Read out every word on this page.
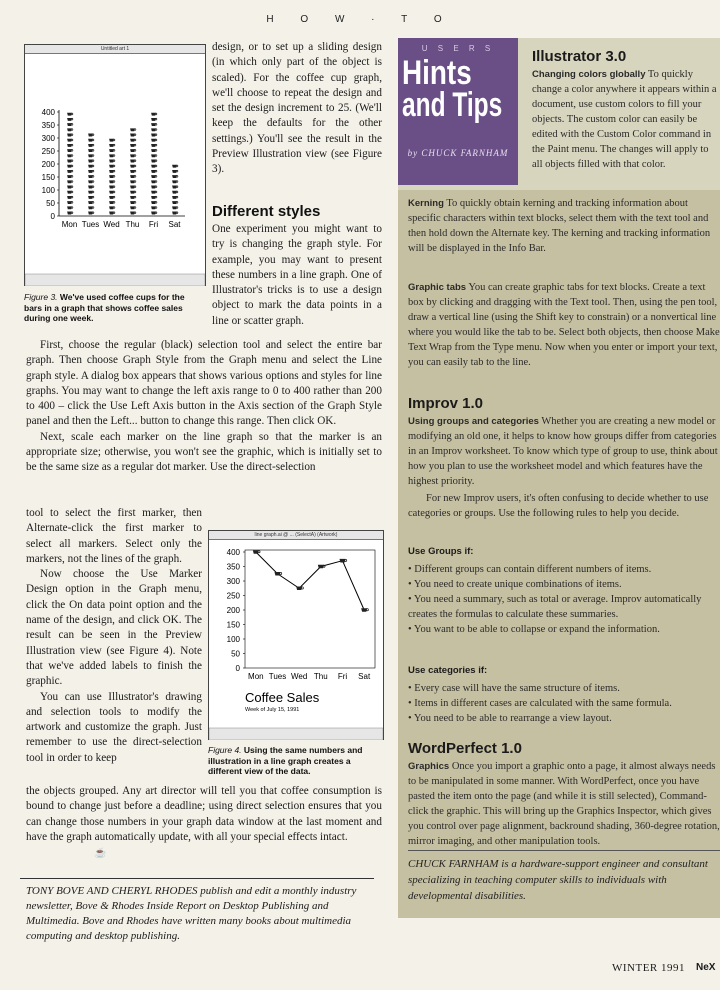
H O W · T O
Untitled art 1
0
50
100
150
200
250
300
350
400
Mon Tues Wed Thu Fri Sat
Figure 3. We've used coffee cups for the bars in a graph that shows coffee sales during one week.

design, or to set up a sliding design (in which only part of the object is scaled). For the coffee cup graph, we'll choose to repeat the design and set the design increment to 25. (We'll keep the defaults for the other settings.) You'll see the result in the Preview Illustration view (see Figure 3).

Different styles

One experiment you might want to try is changing the graph style. For example, you may want to present these numbers in a line graph. One of Illustrator's tricks is to use a design object to mark the data points in a line or scatter graph.

First, choose the regular (black) selection tool and select the entire bar graph. Then choose Graph Style from the Graph menu and select the Line graph style. A dialog box appears that shows various options and styles for line graphs. You may want to change the left axis range to 0 to 400 rather than 200 to 400 – click the Use Left Axis button in the Axis section of the Graph Style panel and then the Left... button to change this range. Then click OK.

Next, scale each marker on the line graph so that the marker is an appropriate size; otherwise, you won't see the graphic, which is initially set to be the same size as a regular dot marker. Use the direct-selection

tool to select the first marker, then Alternate-click the first marker to select all markers. Select only the markers, not the lines of the graph.

Now choose the Use Marker Design option in the Graph menu, click the On data point option and the name of the design, and click OK. The result can be seen in the Preview Illustration view (see Figure 4). Note that we've added labels to finish the graphic.

You can use Illustrator's drawing and selection tools to modify the artwork and customize the graph. Just remember to use the direct-selection tool in order to keep

line graph.ai @ ... (SelectA) (Artwork)
0
50
100
150
200
250
300
350
400
Mon Tues Wed Thu Fri Sat
Coffee Sales
Week of July 15, 1991
Figure 4. Using the same numbers and illustration in a line graph creates a different view of the data.

the objects grouped. Any art director will tell you that coffee consumption is bound to change just before a deadline; using direct selection ensures that you can change those numbers in your graph data window at the last moment and have the graph automatically update, with all your special effects intact.

☕
TONY BOVE AND CHERYL RHODES publish and edit a monthly industry newsletter, Bove & Rhodes Inside Report on Desktop Publishing and Multimedia. Bove and Rhodes have written many books about multimedia computing and desktop publishing.
U S E R S
Hints
and Tips
by CHUCK FARNHAM
Illustrator 3.0
Changing colors globally To quickly change a color anywhere it appears within a document, use custom colors to fill your objects. The custom color can easily be edited with the Custom Color command in the Paint menu. The changes will apply to all objects filled with that color.
Kerning To quickly obtain kerning and tracking information about specific characters within text blocks, select them with the text tool and then hold down the Alternate key. The kerning and tracking information will be displayed in the Info Bar.
Graphic tabs You can create graphic tabs for text blocks. Create a text box by clicking and dragging with the Text tool. Then, using the pen tool, draw a vertical line (using the Shift key to constrain) or a nonvertical line where you would like the tab to be. Select both objects, then choose Make Text Wrap from the Type menu. Now when you enter or import your text, you can easily tab to the line.
Improv 1.0
Using groups and categories Whether you are creating a new model or modifying an old one, it helps to know how groups differ from categories in an Improv worksheet. To know which type of group to use, think about how you plan to use the worksheet model and which features have the highest priority.
For new Improv users, it's often confusing to decide whether to use categories or groups. Use the following rules to help you decide.
Use Groups if:
• Different groups can contain different numbers of items.
• You need to create unique combinations of items.
• You need a summary, such as total or average. Improv automatically creates the formulas to calculate these summaries.
• You want to be able to collapse or expand the information.
Use categories if:
• Every case will have the same structure of items.
• Items in different cases are calculated with the same formula.
• You need to be able to rearrange a view layout.
WordPerfect 1.0
Graphics Once you import a graphic onto a page, it almost always needs to be manipulated in some manner. With WordPerfect, once you have pasted the item onto the page (and while it is still selected), Command-click the graphic. This will bring up the Graphics Inspector, which gives you control over page alignment, backround shading, 360-degree rotation, mirror imaging, and other manipulation tools.
CHUCK FARNHAM is a hardware-support engineer and consultant specializing in teaching computer skills to individuals with developmental disabilities.
WINTER 1991 NeX
